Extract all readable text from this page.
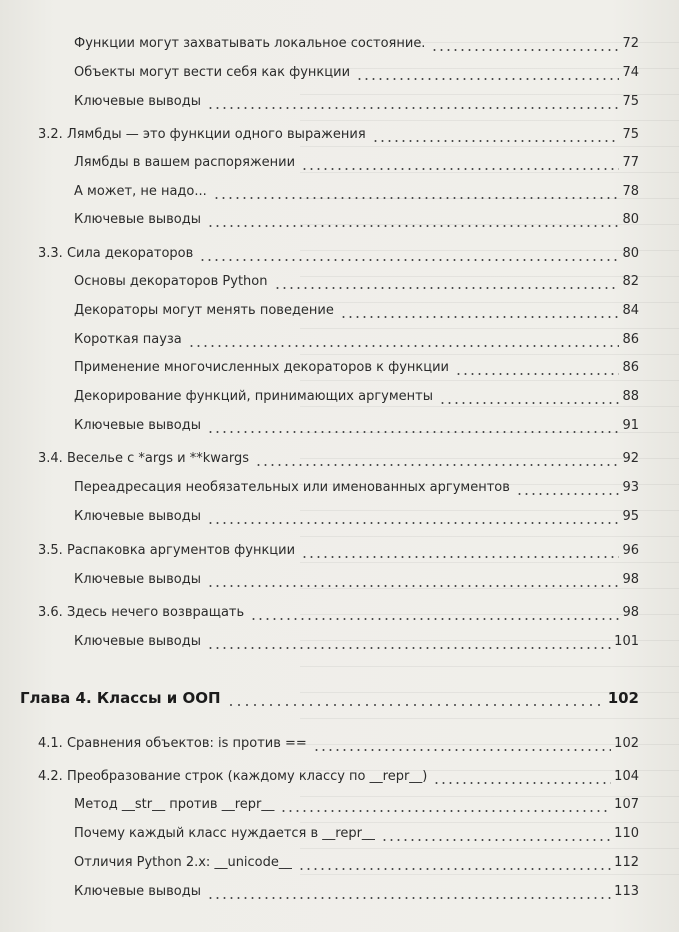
Функции могут захватывать локальное состояние.	72
Объекты могут вести себя как функции	74
Ключевые выводы	75
3.2. Лямбды — это функции одного выражения	75
Лямбды в вашем распоряжении	77
А может, не надо...	78
Ключевые выводы	80
3.3. Сила декораторов	80
Основы декораторов Python	82
Декораторы могут менять поведение	84
Короткая пауза	86
Применение многочисленных декораторов к функции	86
Декорирование функций, принимающих аргументы	88
Ключевые выводы	91
3.4. Веселье с *args и **kwargs	92
Переадресация необязательных или именованных аргументов	93
Ключевые выводы	95
3.5. Распаковка аргументов функции	96
Ключевые выводы	98
3.6. Здесь нечего возвращать	98
Ключевые выводы	101
Глава 4. Классы и ООП	102
4.1. Сравнения объектов: is против ==	102
4.2. Преобразование строк (каждому классу по __repr__)	104
Метод __str__ против __repr__	107
Почему каждый класс нуждается в __repr__	110
Отличия Python 2.x: __unicode__	112
Ключевые выводы	113
